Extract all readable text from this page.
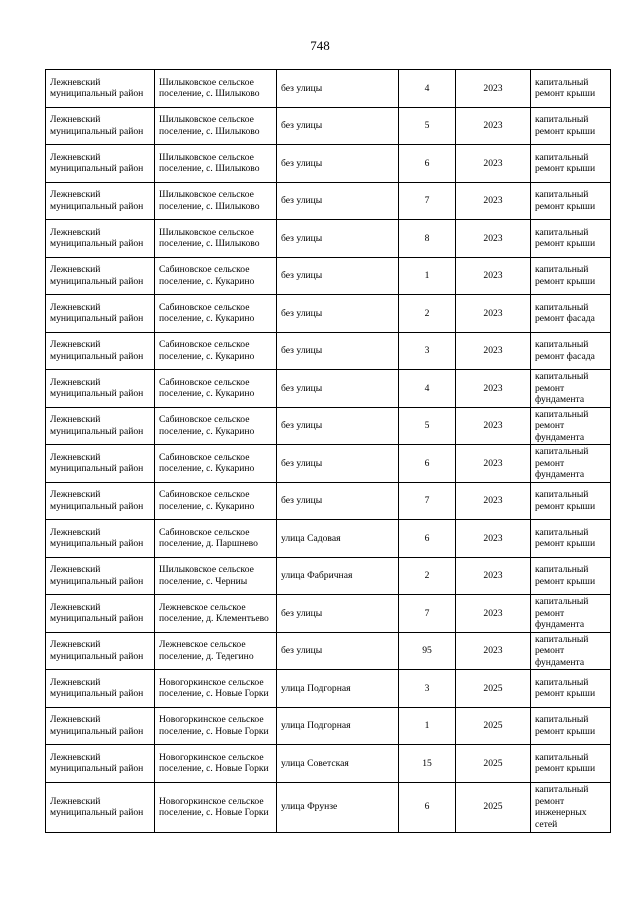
748
Лежневский муниципальный район	Шилыковское сельское поселение, с. Шилыково	без улицы	4	2023	капитальный ремонт крыши
Лежневский муниципальный район	Шилыковское сельское поселение, с. Шилыково	без улицы	5	2023	капитальный ремонт крыши
Лежневский муниципальный район	Шилыковское сельское поселение, с. Шилыково	без улицы	6	2023	капитальный ремонт крыши
Лежневский муниципальный район	Шилыковское сельское поселение, с. Шилыково	без улицы	7	2023	капитальный ремонт крыши
Лежневский муниципальный район	Шилыковское сельское поселение, с. Шилыково	без улицы	8	2023	капитальный ремонт крыши
Лежневский муниципальный район	Сабиновское сельское поселение, с. Кукарино	без улицы	1	2023	капитальный ремонт крыши
Лежневский муниципальный район	Сабиновское сельское поселение, с. Кукарино	без улицы	2	2023	капитальный ремонт фасада
Лежневский муниципальный район	Сабиновское сельское поселение, с. Кукарино	без улицы	3	2023	капитальный ремонт фасада
Лежневский муниципальный район	Сабиновское сельское поселение, с. Кукарино	без улицы	4	2023	капитальный ремонт фундамента
Лежневский муниципальный район	Сабиновское сельское поселение, с. Кукарино	без улицы	5	2023	капитальный ремонт фундамента
Лежневский муниципальный район	Сабиновское сельское поселение, с. Кукарино	без улицы	6	2023	капитальный ремонт фундамента
Лежневский муниципальный район	Сабиновское сельское поселение, с. Кукарино	без улицы	7	2023	капитальный ремонт крыши
Лежневский муниципальный район	Сабиновское сельское поселение, д. Паршнево	улица Садовая	6	2023	капитальный ремонт крыши
Лежневский муниципальный район	Шилыковское сельское поселение, с. Черниы	улица Фабричная	2	2023	капитальный ремонт крыши
Лежневский муниципальный район	Лежневское сельское поселение, д. Клементьево	без улицы	7	2023	капитальный ремонт фундамента
Лежневский муниципальный район	Лежневское сельское поселение, д. Тедегино	без улицы	95	2023	капитальный ремонт фундамента
Лежневский муниципальный район	Новогоркинское сельское поселение, с. Новые Горки	улица Подгорная	3	2025	капитальный ремонт крыши
Лежневский муниципальный район	Новогоркинское сельское поселение, с. Новые Горки	улица Подгорная	1	2025	капитальный ремонт крыши
Лежневский муниципальный район	Новогоркинское сельское поселение, с. Новые Горки	улица Советская	15	2025	капитальный ремонт крыши
Лежневский муниципальный район	Новогоркинское сельское поселение, с. Новые Горки	улица Фрунзе	6	2025	капитальный ремонт инженерных сетей
